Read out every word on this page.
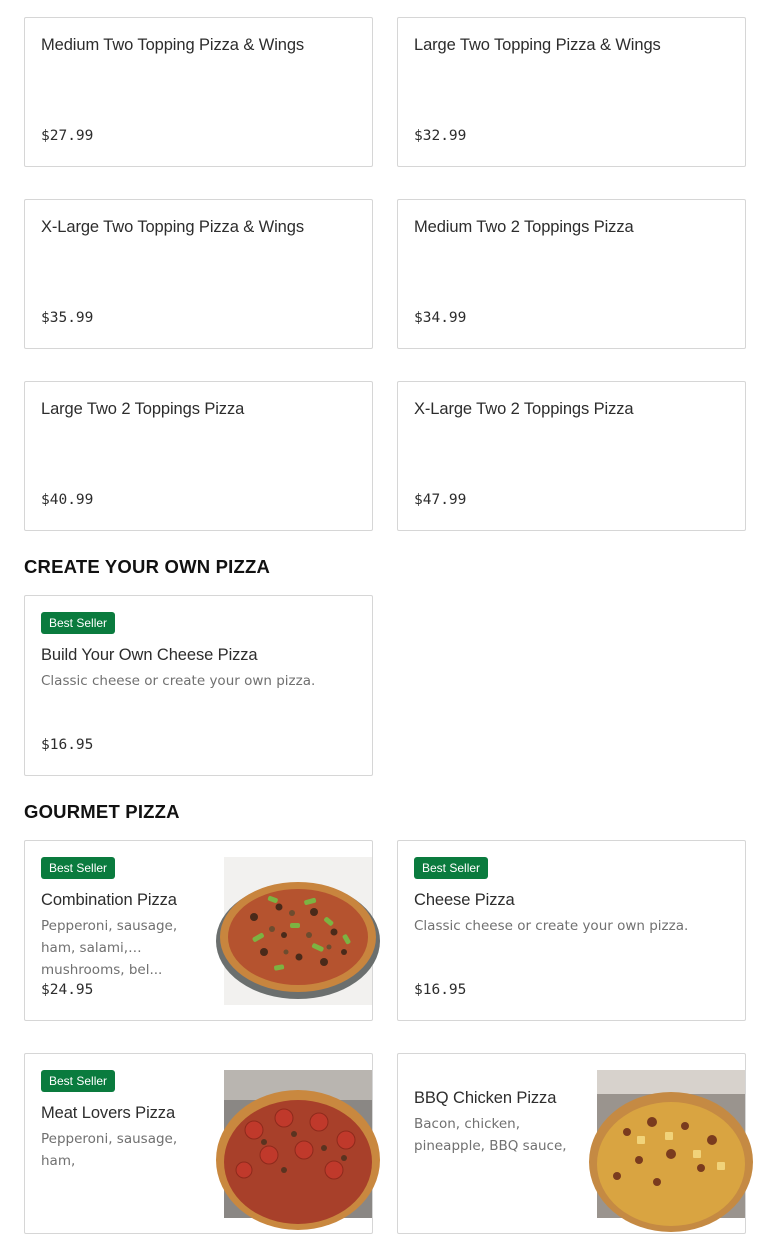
Medium Two Topping Pizza & Wings
$27.99
Large Two Topping Pizza & Wings
$32.99
X-Large Two Topping Pizza & Wings
$35.99
Medium Two 2 Toppings Pizza
$34.99
Large Two 2 Toppings Pizza
$40.99
X-Large Two 2 Toppings Pizza
$47.99
CREATE YOUR OWN PIZZA
Best Seller
Build Your Own Cheese Pizza
Classic cheese or create your own pizza.
$16.95
GOURMET PIZZA
Best Seller
Combination Pizza
Pepperoni, sausage, ham, salami, mushrooms, bel...
$24.95
Best Seller
Cheese Pizza
Classic cheese or create your own pizza.
$16.95
Best Seller
Meat Lovers Pizza
Pepperoni, sausage, ham,
BBQ Chicken Pizza
Bacon, chicken, pineapple, BBQ sauce,
